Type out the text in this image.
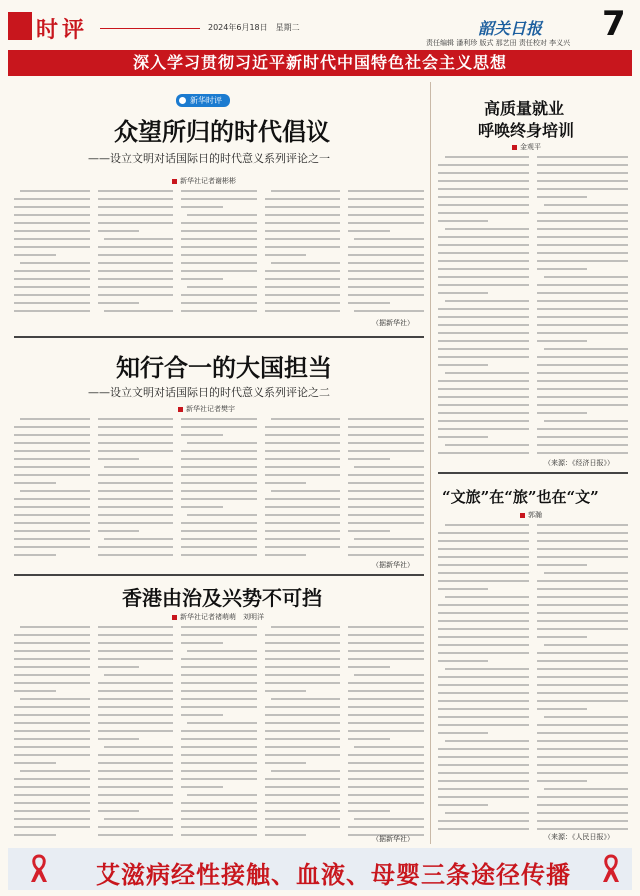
时评	2024年6月18日　星期二	韶关日报 7
责任编辑 潘利珍 版式 那艺田 责任校对 李义兴
深入学习贯彻习近平新时代中国特色社会主义思想
新华时评
众望所归的时代倡议
——设立文明对话国际日的时代意义系列评论之一
新华社记者谢彬彬
（据新华社）
知行合一的大国担当
——设立文明对话国际日的时代意义系列评论之二
新华社记者樊宇
（据新华社）
香港由治及兴势不可挡
新华社记者褚萌萌　刘明洋
（据新华社）
高质量就业
呼唤终身培训
金观平
（来源：《经济日报》）
“文旅”在“旅”也在“文”
郭瀚
（来源：《人民日报》）
艾滋病经性接触、血液、母婴三条途径传播
